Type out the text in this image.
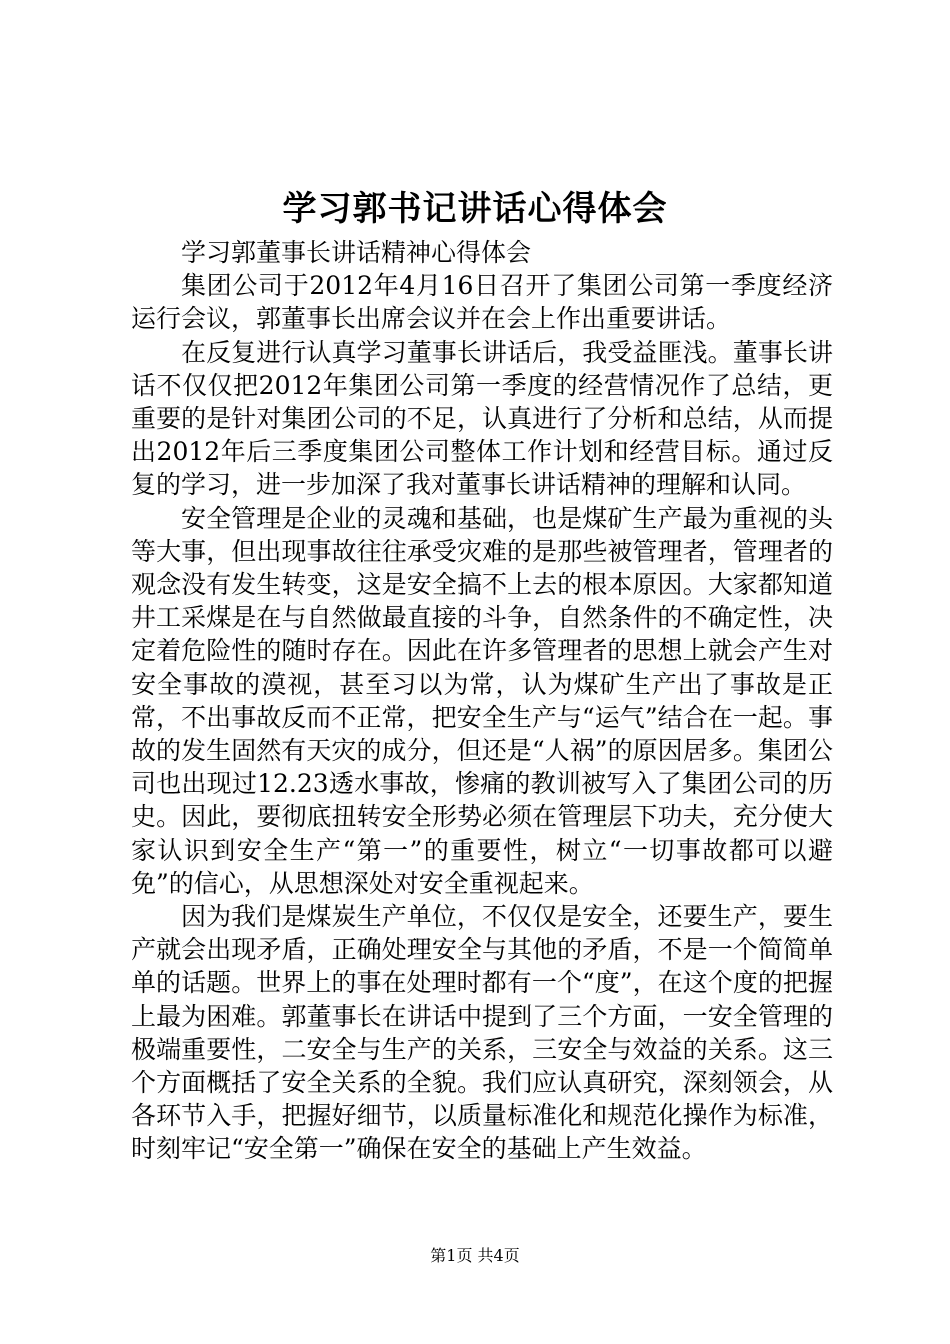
学习郭书记讲话心得体会

学习郭董事长讲话精神心得体会

集团公司于2012年4月16日召开了集团公司第一季度经济运行会议，郭董事长出席会议并在会上作出重要讲话。

在反复进行认真学习董事长讲话后，我受益匪浅。董事长讲话不仅仅把2012年集团公司第一季度的经营情况作了总结，更重要的是针对集团公司的不足，认真进行了分析和总结，从而提出2012年后三季度集团公司整体工作计划和经营目标。通过反复的学习，进一步加深了我对董事长讲话精神的理解和认同。

安全管理是企业的灵魂和基础，也是煤矿生产最为重视的头等大事，但出现事故往往承受灾难的是那些被管理者，管理者的观念没有发生转变，这是安全搞不上去的根本原因。大家都知道井工采煤是在与自然做最直接的斗争，自然条件的不确定性，决定着危险性的随时存在。因此在许多管理者的思想上就会产生对安全事故的漠视，甚至习以为常，认为煤矿生产出了事故是正常，不出事故反而不正常，把安全生产与“运气”结合在一起。事故的发生固然有天灾的成分，但还是“人祸”的原因居多。集团公司也出现过12.23透水事故，惨痛的教训被写入了集团公司的历史。因此，要彻底扭转安全形势必须在管理层下功夫，充分使大家认识到安全生产“第一”的重要性，树立“一切事故都可以避免”的信心，从思想深处对安全重视起来。

因为我们是煤炭生产单位，不仅仅是安全，还要生产，要生产就会出现矛盾，正确处理安全与其他的矛盾，不是一个简简单单的话题。世界上的事在处理时都有一个“度”，在这个度的把握上最为困难。郭董事长在讲话中提到了三个方面，一安全管理的极端重要性，二安全与生产的关系，三安全与效益的关系。这三个方面概括了安全关系的全貌。我们应认真研究，深刻领会，从各环节入手，把握好细节，以质量标准化和规范化操作为标准，时刻牢记“安全第一”确保在安全的基础上产生效益。

第1页 共4页
